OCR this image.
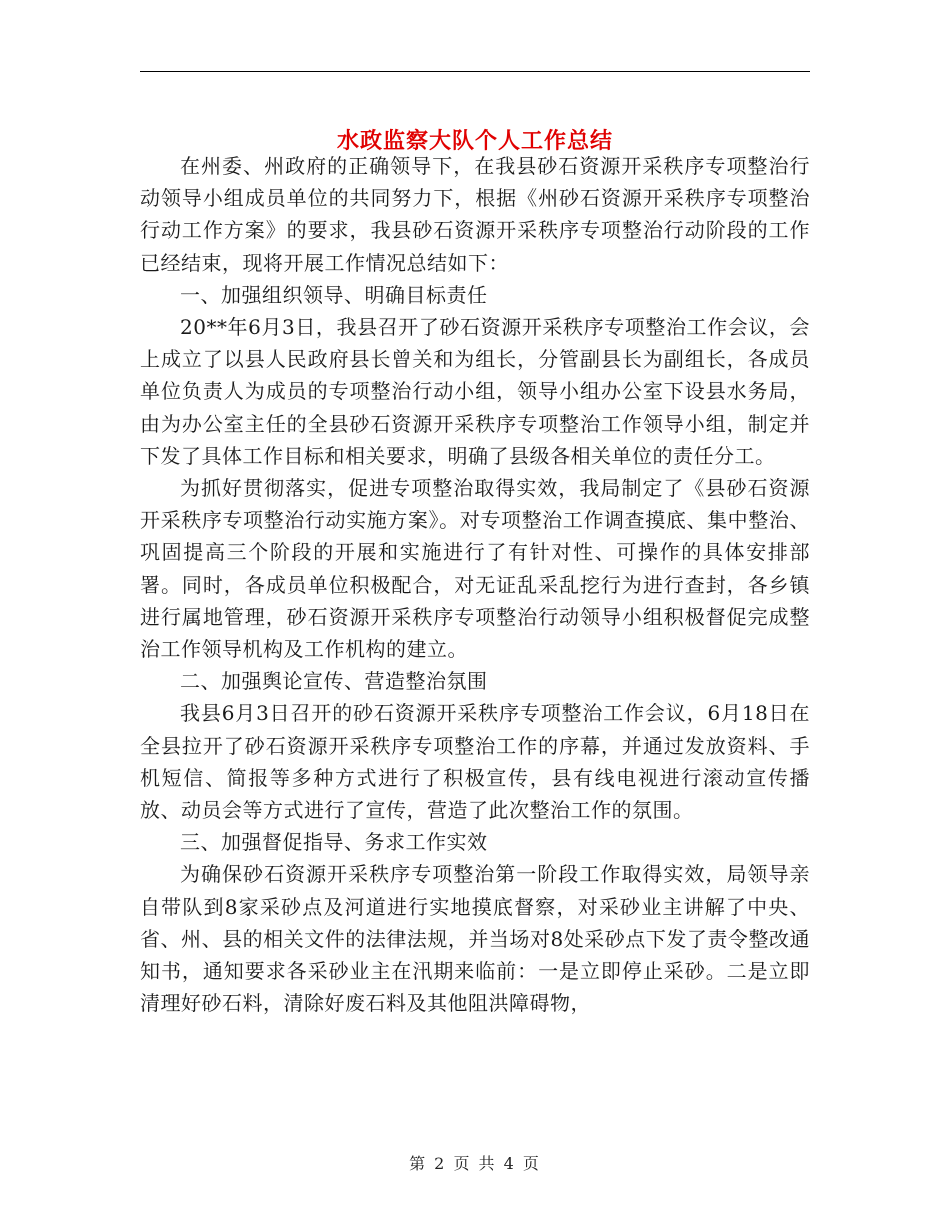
水政监察大队个人工作总结

在州委、州政府的正确领导下，在我县砂石资源开采秩序专项整治行动领导小组成员单位的共同努力下，根据《州砂石资源开采秩序专项整治行动工作方案》的要求，我县砂石资源开采秩序专项整治行动阶段的工作已经结束，现将开展工作情况总结如下：

一、加强组织领导、明确目标责任

20**年6月3日，我县召开了砂石资源开采秩序专项整治工作会议，会上成立了以县人民政府县长曾关和为组长，分管副县长为副组长，各成员单位负责人为成员的专项整治行动小组，领导小组办公室下设县水务局，由为办公室主任的全县砂石资源开采秩序专项整治工作领导小组，制定并下发了具体工作目标和相关要求，明确了县级各相关单位的责任分工。

为抓好贯彻落实，促进专项整治取得实效，我局制定了《县砂石资源开采秩序专项整治行动实施方案》。对专项整治工作调查摸底、集中整治、巩固提高三个阶段的开展和实施进行了有针对性、可操作的具体安排部署。同时，各成员单位积极配合，对无证乱采乱挖行为进行查封，各乡镇进行属地管理，砂石资源开采秩序专项整治行动领导小组积极督促完成整治工作领导机构及工作机构的建立。

二、加强舆论宣传、营造整治氛围

我县6月3日召开的砂石资源开采秩序专项整治工作会议，6月18日在全县拉开了砂石资源开采秩序专项整治工作的序幕，并通过发放资料、手机短信、简报等多种方式进行了积极宣传，县有线电视进行滚动宣传播放、动员会等方式进行了宣传，营造了此次整治工作的氛围。

三、加强督促指导、务求工作实效

为确保砂石资源开采秩序专项整治第一阶段工作取得实效，局领导亲自带队到8家采砂点及河道进行实地摸底督察，对采砂业主讲解了中央、省、州、县的相关文件的法律法规，并当场对8处采砂点下发了责令整改通知书，通知要求各采砂业主在汛期来临前：一是立即停止采砂。二是立即清理好砂石料，清除好废石料及其他阻洪障碍物，

第 2 页 共 4 页
